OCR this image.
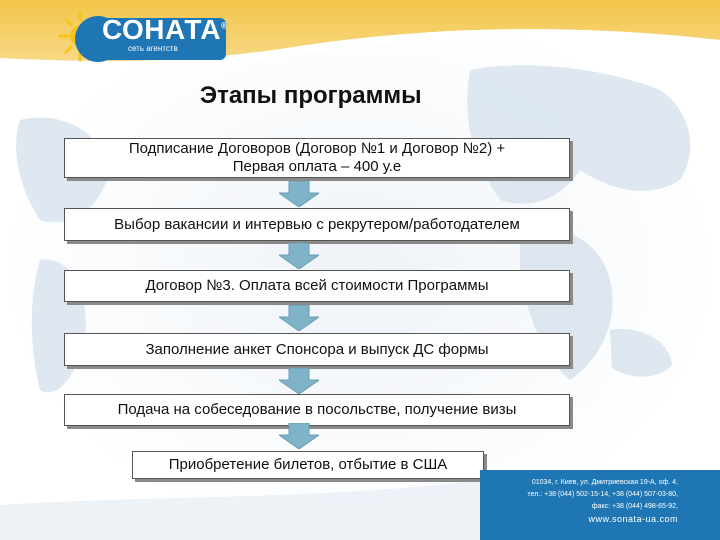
СОНАТА®
сеть агентств
Этапы программы
Подписание Договоров (Договор №1 и Договор №2) +
Первая оплата – 400 у.е
Выбор вакансии и интервью с рекрутером/работодателем
Договор №3. Оплата всей стоимости Программы
Заполнение анкет Спонсора и выпуск ДС формы
Подача на собеседование в посольстве, получение визы
Приобретение билетов, отбытие в США
01034, г. Киев, ул. Дмитриевская 19-А, оф. 4,
тел.: +38 (044) 502-15-14, +38 (044) 507-03-80,
факс: +38 (044) 498-65-92,
www.sonata-ua.com
